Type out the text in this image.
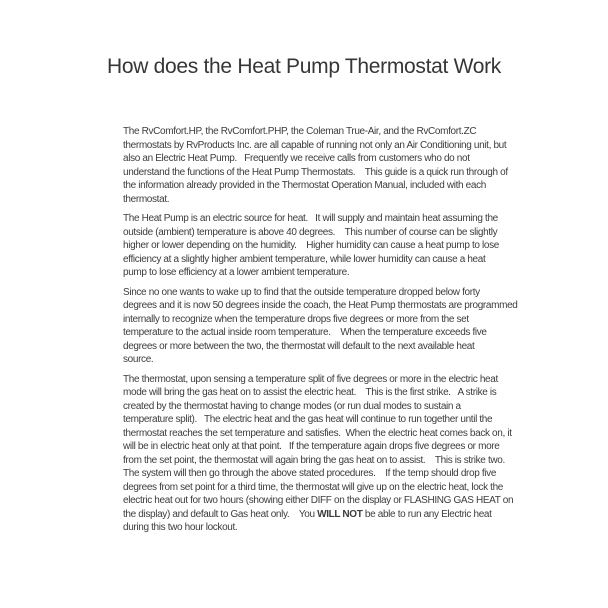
How does the Heat Pump Thermostat Work
The RvComfort.HP, the RvComfort.PHP, the Coleman True-Air, and the RvComfort.ZC
thermostats by RvProducts Inc. are all capable of running not only an Air Conditioning unit, but
also an Electric Heat Pump.   Frequently we receive calls from customers who do not
understand the functions of the Heat Pump Thermostats.    This guide is a quick run through of
the information already provided in the Thermostat Operation Manual, included with each
thermostat.
The Heat Pump is an electric source for heat.   It will supply and maintain heat assuming the
outside (ambient) temperature is above 40 degrees.    This number of course can be slightly
higher or lower depending on the humidity.    Higher humidity can cause a heat pump to lose
efficiency at a slightly higher ambient temperature, while lower humidity can cause a heat
pump to lose efficiency at a lower ambient temperature.
Since no one wants to wake up to find that the outside temperature dropped below forty
degrees and it is now 50 degrees inside the coach, the Heat Pump thermostats are programmed
internally to recognize when the temperature drops five degrees or more from the set
temperature to the actual inside room temperature.    When the temperature exceeds five
degrees or more between the two, the thermostat will default to the next available heat
source.
The thermostat, upon sensing a temperature split of five degrees or more in the electric heat
mode will bring the gas heat on to assist the electric heat.    This is the first strike.   A strike is
created by the thermostat having to change modes (or run dual modes to sustain a
temperature split).   The electric heat and the gas heat will continue to run together until the
thermostat reaches the set temperature and satisfies.  When the electric heat comes back on, it
will be in electric heat only at that point.   If the temperature again drops five degrees or more
from the set point, the thermostat will again bring the gas heat on to assist.    This is strike two.
The system will then go through the above stated procedures.    If the temp should drop five
degrees from set point for a third time, the thermostat will give up on the electric heat, lock the
electric heat out for two hours (showing either DIFF on the display or FLASHING GAS HEAT on
the display) and default to Gas heat only.    You WILL NOT be able to run any Electric heat
during this two hour lockout.
